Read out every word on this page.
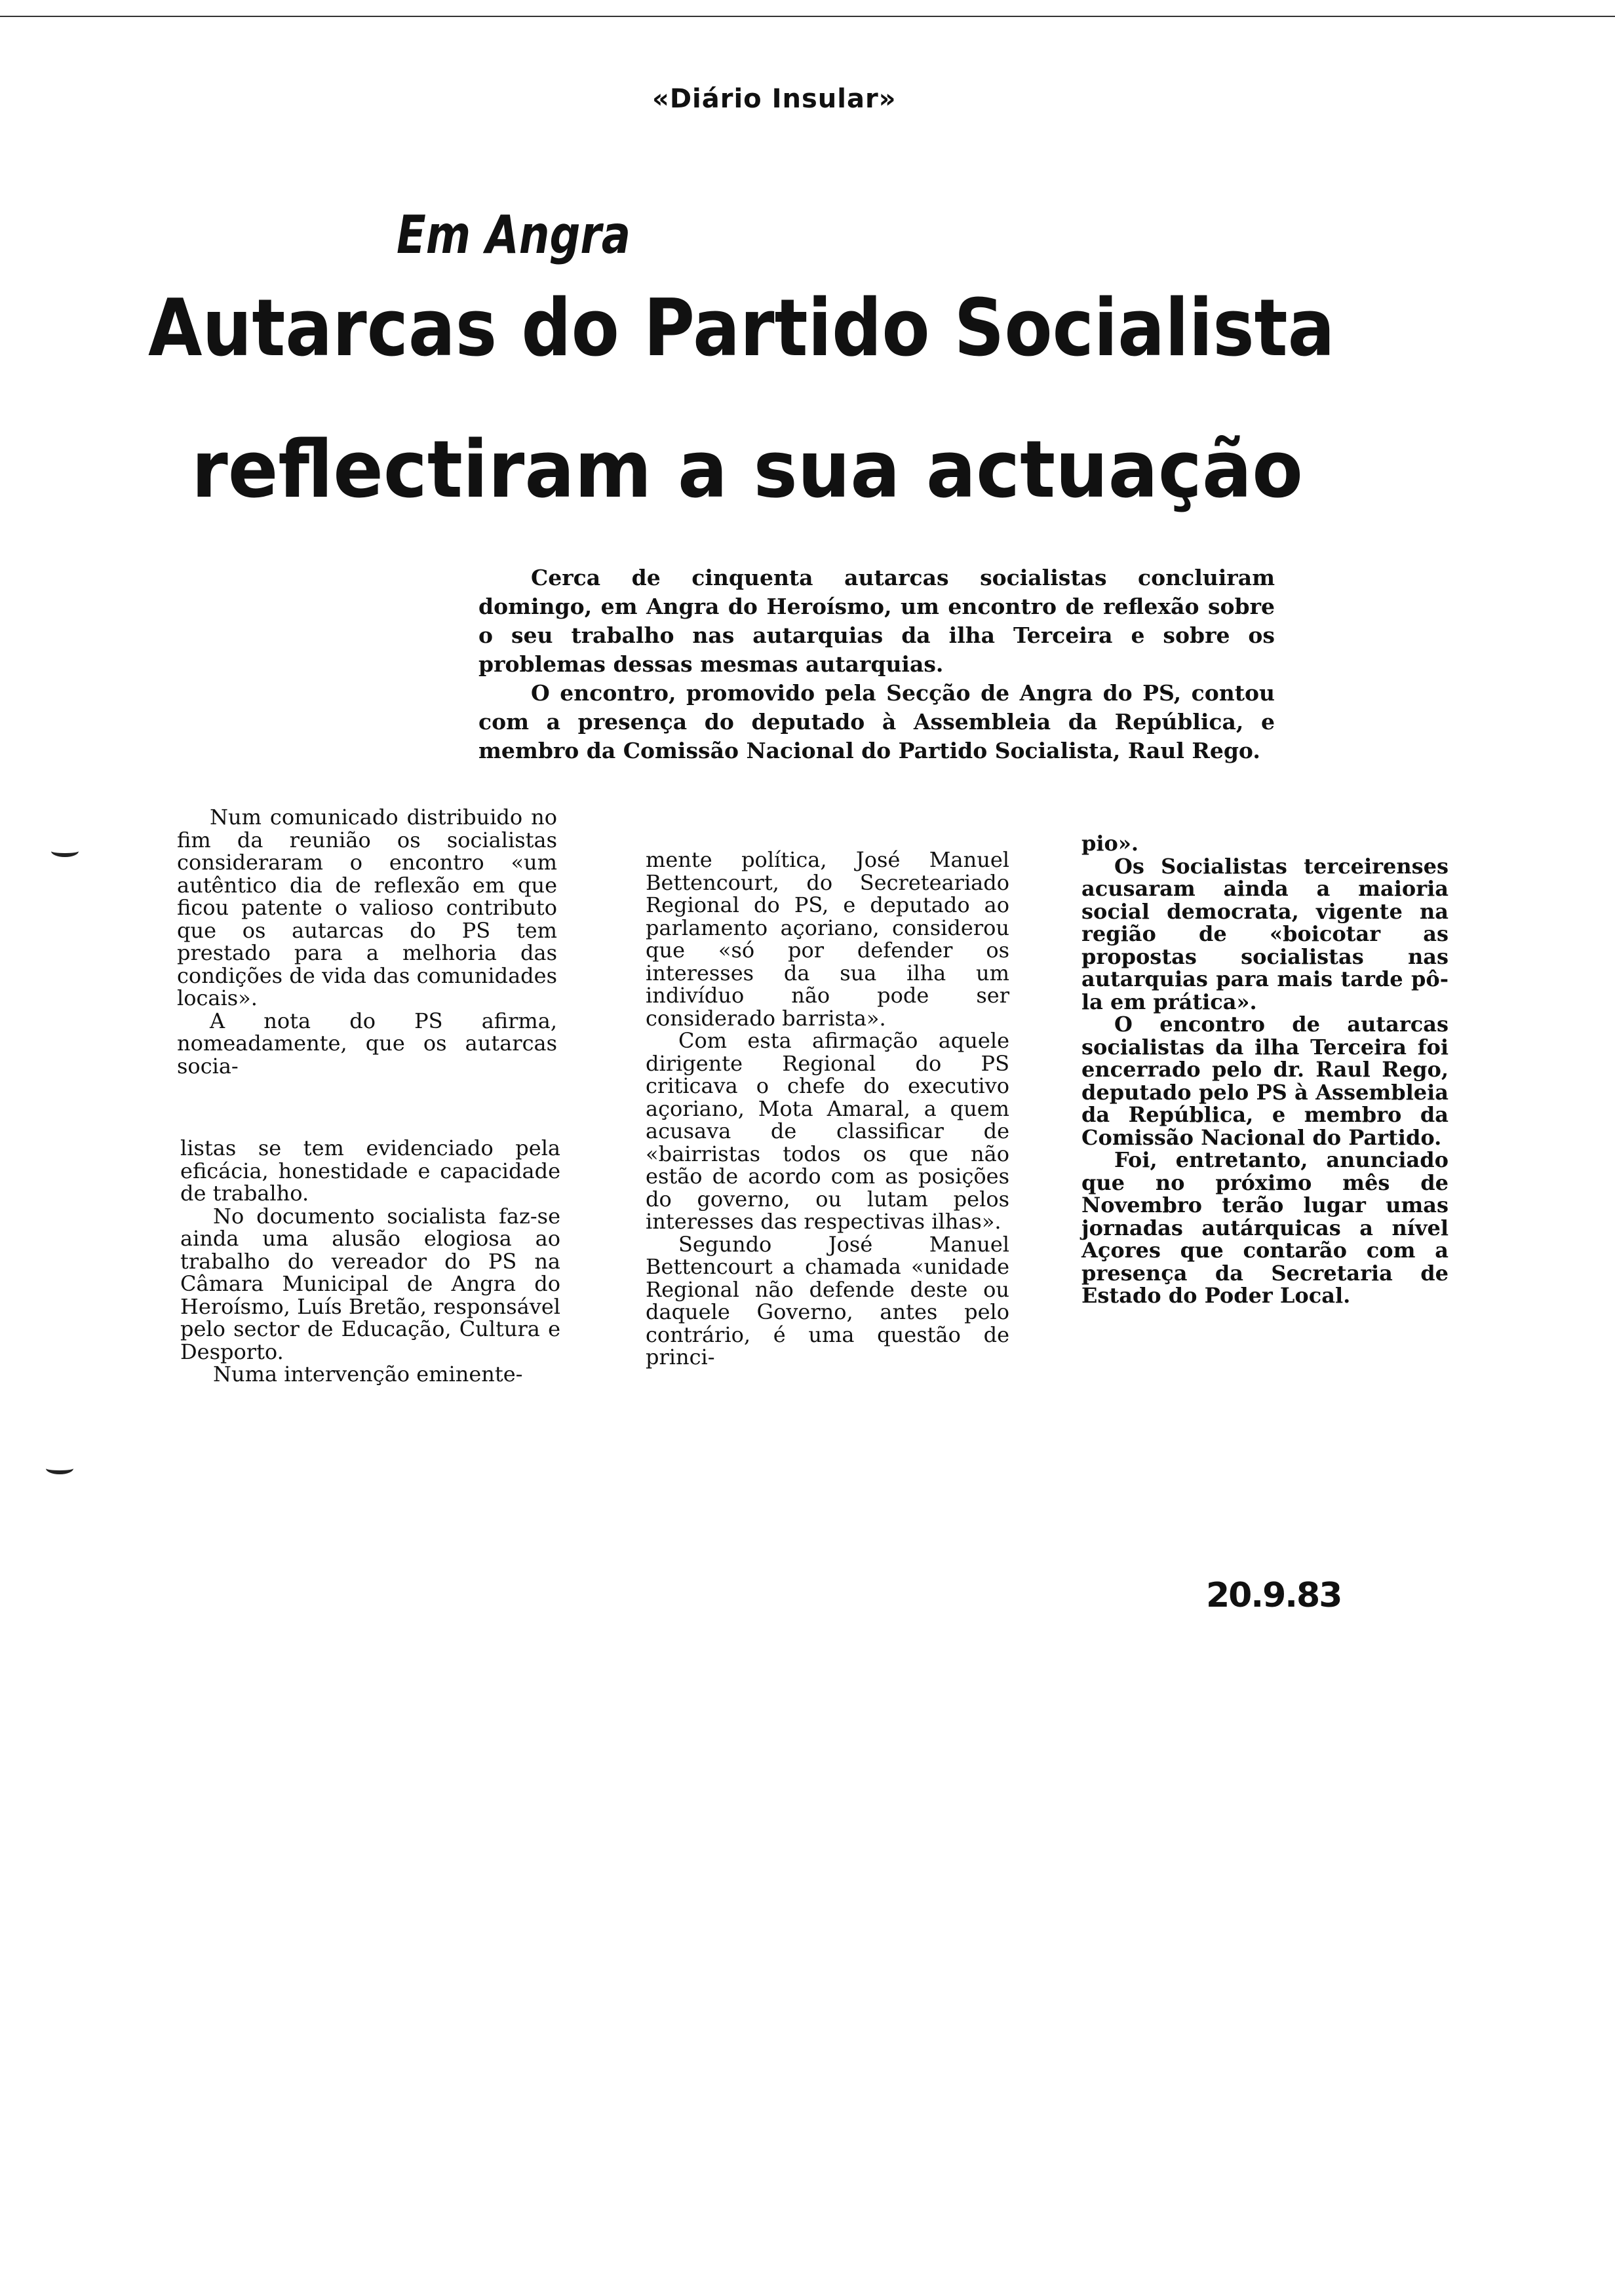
«Diário Insular»
Em Angra
Autarcas do Partido Socialista
reflectiram a sua actuação

Cerca de cinquenta autarcas socialistas concluiram domingo, em Angra do Heroísmo, um encontro de reflexão sobre o seu trabalho nas autarquias da ilha Terceira e sobre os problemas dessas mesmas autarquias.

O encontro, promovido pela Secção de Angra do PS, contou com a presença do deputado à Assembleia da República, e membro da Comissão Nacional do Partido Socialista, Raul Rego.

Num comunicado distribuido no fim da reunião os socialistas consideraram o encontro «um autêntico dia de reflexão em que ficou patente o valioso contributo que os autarcas do PS tem prestado para a melhoria das condições de vida das comunidades locais».

A nota do PS afirma, nomeadamente, que os autarcas socia-

listas se tem evidenciado pela eficácia, honestidade e capacidade de trabalho.

No documento socialista faz-se ainda uma alusão elogiosa ao trabalho do vereador do PS na Câmara Municipal de Angra do Heroísmo, Luís Bretão, responsável pelo sector de Educação, Cultura e Desporto.

Numa intervenção eminente-

mente política, José Manuel Bettencourt, do Secreteariado Regional do PS, e deputado ao parlamento açoriano, considerou que «só por defender os interesses da sua ilha um indivíduo não pode ser considerado barrista».

Com esta afirmação aquele dirigente Regional do PS criticava o chefe do executivo açoriano, Mota Amaral, a quem acusava de classificar de «bairristas todos os que não estão de acordo com as posições do governo, ou lutam pelos interesses das respectivas ilhas».

Segundo José Manuel Bettencourt a chamada «unidade Regional não defende deste ou daquele Governo, antes pelo contrário, é uma questão de princi-

pio».

Os Socialistas terceirenses acusaram ainda a maioria social democrata, vigente na região de «boicotar as propostas socialistas nas autarquias para mais tarde pô-la em prática».

O encontro de autarcas socialistas da ilha Terceira foi encerrado pelo dr. Raul Rego, deputado pelo PS à Assembleia da República, e membro da Comissão Nacional do Partido.

Foi, entretanto, anunciado que no próximo mês de Novembro terão lugar umas jornadas autárquicas a nível Açores que contarão com a presença da Secretaria de Estado do Poder Local.

20.9.83
